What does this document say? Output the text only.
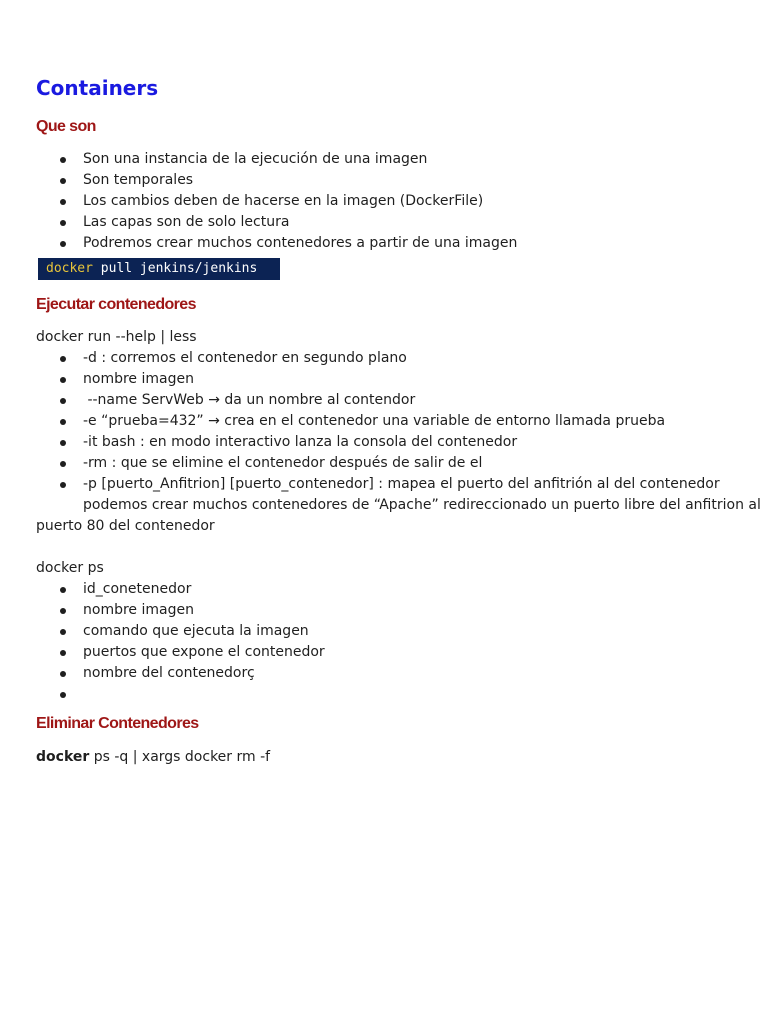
Containers
Que son
Son una instancia de la ejecución de una imagen
Son temporales
Los cambios deben de hacerse en la imagen (DockerFile)
Las capas son de solo lectura
Podremos crear muchos contenedores a partir de una imagen
docker pull jenkins/jenkins
Ejecutar contenedores

docker run --help | less

-d : corremos el contenedor en segundo plano
nombre imagen
--name ServWeb → da un nombre al contendor
-e “prueba=432” → crea en el contenedor una variable de entorno llamada prueba
-it bash : en modo interactivo lanza la consola del contenedor
-rm : que se elimine el contenedor después de salir de el
-p [puerto_Anfitrion] [puerto_contenedor] : mapea el puerto del anfitrión al del contenedor

podemos crear muchos contenedores de “Apache” redireccionado un puerto libre del anfitrion al

puerto 80 del contenedor

docker ps

id_conetenedor
nombre imagen
comando que ejecuta la imagen
puertos que expone el contenedor
nombre del contenedorç
Eliminar Contenedores

docker ps -q | xargs docker rm -f
